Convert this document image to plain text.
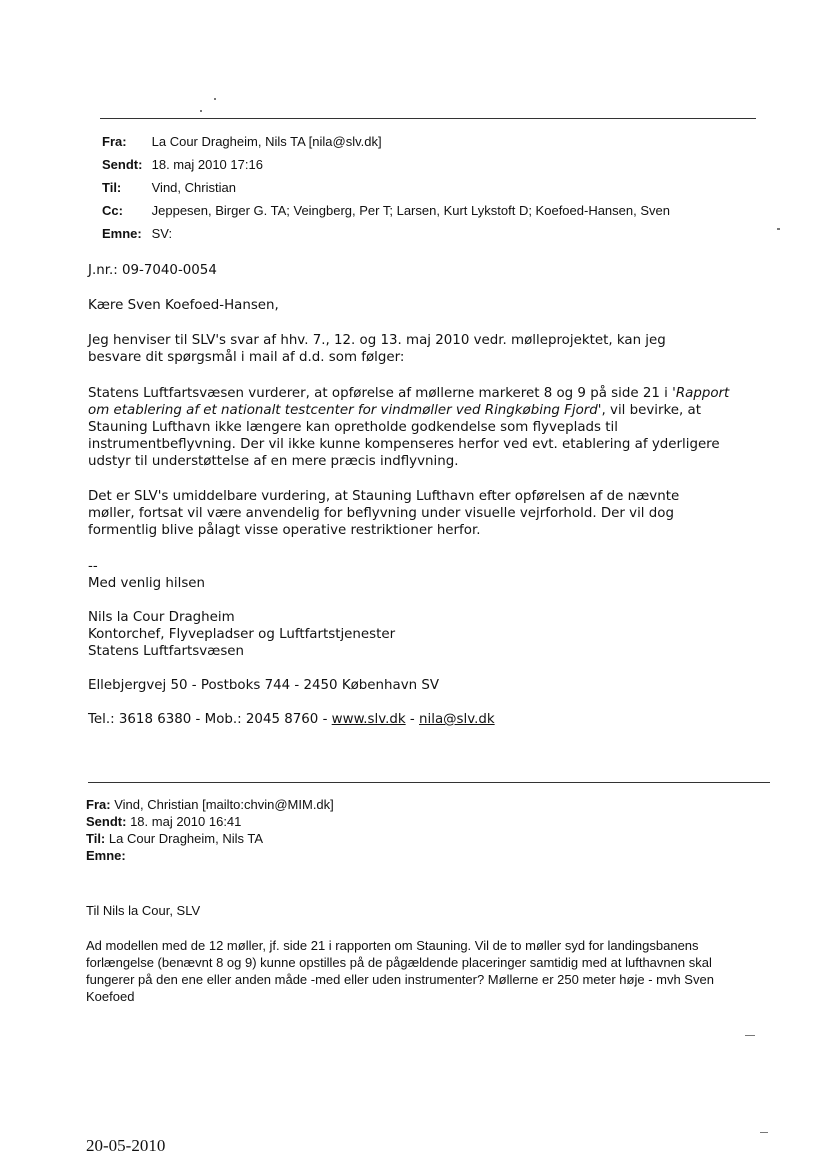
Fra: La Cour Dragheim, Nils TA [nila@slv.dk]
Sendt: 18. maj 2010 17:16
Til: Vind, Christian
Cc: Jeppesen, Birger G. TA; Veingberg, Per T; Larsen, Kurt Lykstoft D; Koefoed-Hansen, Sven
Emne: SV:
J.nr.: 09-7040-0054
Kære Sven Koefoed-Hansen,
Jeg henviser til SLV's svar af hhv. 7., 12. og 13. maj 2010 vedr. mølleprojektet, kan jeg
besvare dit spørgsmål i mail af d.d. som følger:
Statens Luftfartsvæsen vurderer, at opførelse af møllerne markeret 8 og 9 på side 21 i 'Rapport
om etablering af et nationalt testcenter for vindmøller ved Ringkøbing Fjord', vil bevirke, at
Stauning Lufthavn ikke længere kan opretholde godkendelse som flyveplads til
instrumentbeflyvning. Der vil ikke kunne kompenseres herfor ved evt. etablering af yderligere
udstyr til understøttelse af en mere præcis indflyvning.
Det er SLV's umiddelbare vurdering, at Stauning Lufthavn efter opførelsen af de nævnte
møller, fortsat vil være anvendelig for beflyvning under visuelle vejrforhold. Der vil dog
formentlig blive pålagt visse operative restriktioner herfor.
--
Med venlig hilsen
Nils la Cour Dragheim
Kontorchef, Flyvepladser og Luftfartstjenester
Statens Luftfartsvæsen
Ellebjergvej 50 - Postboks 744 - 2450 København SV
Tel.: 3618 6380 - Mob.: 2045 8760 - www.slv.dk - nila@slv.dk
Fra: Vind, Christian [mailto:chvin@MIM.dk]
Sendt: 18. maj 2010 16:41
Til: La Cour Dragheim, Nils TA
Emne:
Til Nils la Cour, SLV
Ad modellen med de 12 møller, jf. side 21 i rapporten om Stauning. Vil de to møller syd for landingsbanens
forlængelse (benævnt 8 og 9) kunne opstilles på de pågældende placeringer samtidig med at lufthavnen skal
fungerer på den ene eller anden måde -med eller uden instrumenter? Møllerne er 250 meter høje - mvh Sven
Koefoed
20-05-2010
